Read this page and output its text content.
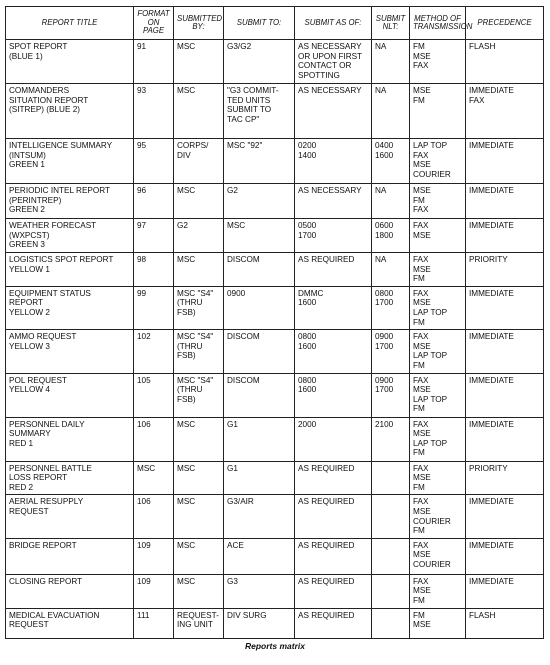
REPORT TITLE	FORMAT ON PAGE	SUBMITTED BY:	SUBMIT TO:	SUBMIT AS OF:	SUBMIT NLT:	METHOD OF TRANSMISSION	PRECEDENCE
SPOT REPORT
(BLUE 1)	91	MSC	G3/G2	AS NECESSARY
OR UPON FIRST
CONTACT OR
SPOTTING	NA	FM
MSE
FAX	FLASH
COMMANDERS
SITUATION REPORT
(SITREP) (BLUE 2)	93	MSC	"G3 COMMIT-
TED UNITS
SUBMIT TO
TAC CP"	AS NECESSARY	NA	MSE
FM	IMMEDIATE
FAX
INTELLIGENCE SUMMARY
(INTSUM)
GREEN 1	95	CORPS/
DIV	MSC "92"	0200
1400	0400
1600	LAP TOP
FAX
MSE
COURIER	IMMEDIATE
PERIODIC INTEL REPORT
(PERINTREP)
GREEN 2	96	MSC	G2	AS NECESSARY	NA	MSE
FM
FAX	IMMEDIATE
WEATHER FORECAST
(WXPCST)
GREEN 3	97	G2	MSC	0500
1700	0600
1800	FAX
MSE	IMMEDIATE
LOGISTICS SPOT REPORT
YELLOW 1	98	MSC	DISCOM	AS REQUIRED	NA	FAX
MSE
FM	PRIORITY
EQUIPMENT STATUS
REPORT
YELLOW 2	99	MSC "S4"
(THRU FSB)	0900	DMMC
1600	0800
1700	FAX
MSE
LAP TOP
FM	IMMEDIATE
AMMO REQUEST
YELLOW 3	102	MSC "S4"
(THRU FSB)	DISCOM	0800
1600	0900
1700	FAX
MSE
LAP TOP
FM	IMMEDIATE
POL REQUEST
YELLOW 4	105	MSC "S4"
(THRU FSB)	DISCOM	0800
1600	0900
1700	FAX
MSE
LAP TOP
FM	IMMEDIATE
PERSONNEL DAILY
SUMMARY
RED 1	106	MSC	G1	2000	2100	FAX
MSE
LAP TOP
FM	IMMEDIATE
PERSONNEL BATTLE
LOSS REPORT
RED 2	MSC	MSC	G1	AS REQUIRED		FAX
MSE
FM	PRIORITY
AERIAL RESUPPLY
REQUEST	106	MSC	G3/AIR	AS REQUIRED		FAX
MSE
COURIER
FM	IMMEDIATE
BRIDGE REPORT	109	MSC	ACE	AS REQUIRED		FAX
MSE
COURIER	IMMEDIATE
CLOSING REPORT	109	MSC	G3	AS REQUIRED		FAX
MSE
FM	IMMEDIATE
MEDICAL EVACUATION
REQUEST	111	REQUEST-
ING UNIT	DIV SURG	AS REQUIRED		FM
MSE	FLASH
Reports matrix
